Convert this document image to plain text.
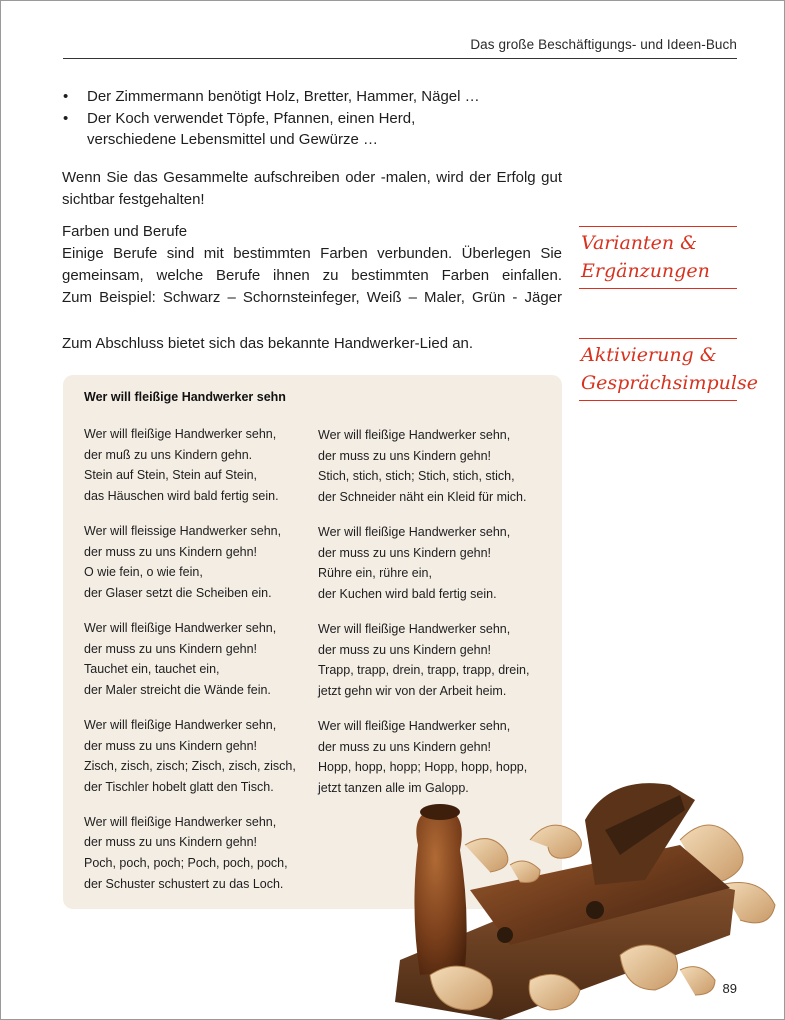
Das große Beschäftigungs- und Ideen-Buch
• Der Zimmermann benötigt Holz, Bretter, Hammer, Nägel …
• Der Koch verwendet Töpfe, Pfannen, einen Herd,
verschiedene Lebensmittel und Gewürze …

Wenn Sie das Gesammelte aufschreiben oder -malen, wird der Erfolg gut sichtbar festgehalten!

Farben und Berufe
Einige Berufe sind mit bestimmten Farben verbunden. Überlegen Sie
gemeinsam, welche Berufe ihnen zu bestimmten Farben einfallen.
Zum Beispiel: Schwarz – Schornsteinfeger, Weiß – Maler, Grün - Jäger

Zum Abschluss bietet sich das bekannte Handwerker-Lied an.

Varianten &
Ergänzungen
Aktivierung &
Gesprächsimpulse
Wer will fleißige Handwerker sehn
Wer will fleißige Handwerker sehn,
der muß zu uns Kindern gehn.
Stein auf Stein, Stein auf Stein,
das Häuschen wird bald fertig sein.
Wer will fleissige Handwerker sehn,
der muss zu uns Kindern gehn!
O wie fein, o wie fein,
der Glaser setzt die Scheiben ein.
Wer will fleißige Handwerker sehn,
der muss zu uns Kindern gehn!
Tauchet ein, tauchet ein,
der Maler streicht die Wände fein.
Wer will fleißige Handwerker sehn,
der muss zu uns Kindern gehn!
Zisch, zisch, zisch; Zisch, zisch, zisch,
der Tischler hobelt glatt den Tisch.
Wer will fleißige Handwerker sehn,
der muss zu uns Kindern gehn!
Poch, poch, poch; Poch, poch, poch,
der Schuster schustert zu das Loch.
Wer will fleißige Handwerker sehn,
der muss zu uns Kindern gehn!
Stich, stich, stich; Stich, stich, stich,
der Schneider näht ein Kleid für mich.
Wer will fleißige Handwerker sehn,
der muss zu uns Kindern gehn!
Rühre ein, rühre ein,
der Kuchen wird bald fertig sein.
Wer will fleißige Handwerker sehn,
der muss zu uns Kindern gehn!
Trapp, trapp, drein, trapp, trapp, drein,
jetzt gehn wir von der Arbeit heim.
Wer will fleißige Handwerker sehn,
der muss zu uns Kindern gehn!
Hopp, hopp, hopp; Hopp, hopp, hopp,
jetzt tanzen alle im Galopp.
89
